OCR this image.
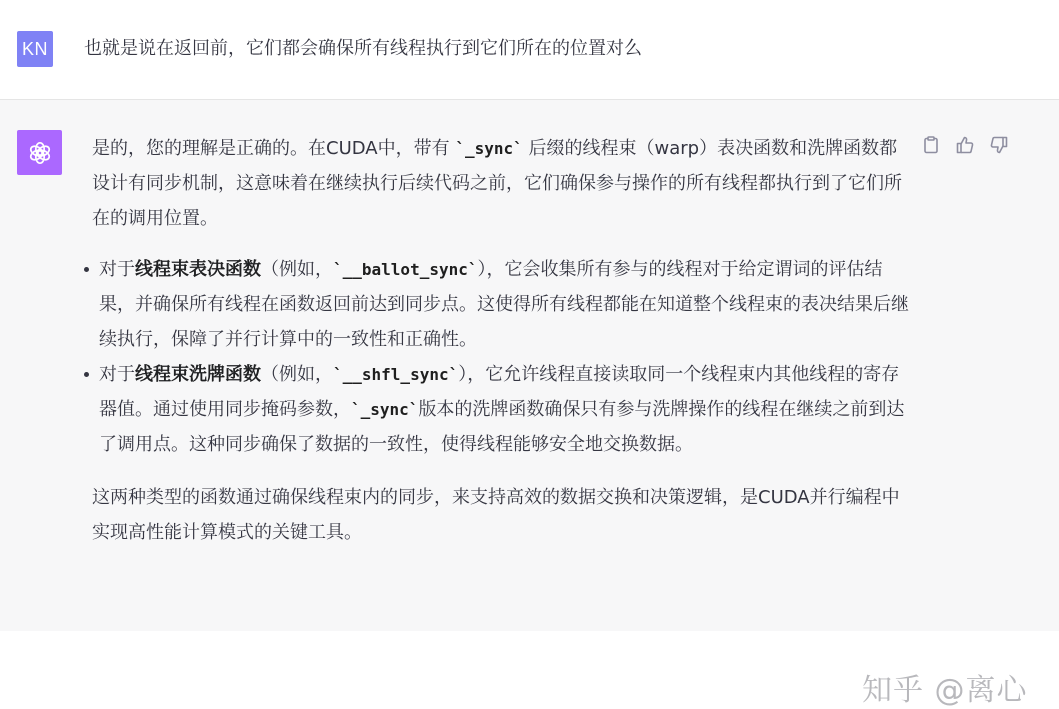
KN 也就是说在返回前，它们都会确保所有线程执行到它们所在的位置对么

是的，您的理解是正确的。在CUDA中，带有 `_sync` 后缀的线程束（warp）表决函数和洗牌函数都设计有同步机制，这意味着在继续执行后续代码之前，它们确保参与操作的所有线程都执行到了它们所在的调用位置。

对于线程束表决函数（例如，`__ballot_sync`），它会收集所有参与的线程对于给定谓词的评估结果，并确保所有线程在函数返回前达到同步点。这使得所有线程都能在知道整个线程束的表决结果后继续执行，保障了并行计算中的一致性和正确性。
对于线程束洗牌函数（例如，`__shfl_sync`），它允许线程直接读取同一个线程束内其他线程的寄存器值。通过使用同步掩码参数，`_sync`版本的洗牌函数确保只有参与洗牌操作的线程在继续之前到达了调用点。这种同步确保了数据的一致性，使得线程能够安全地交换数据。

这两种类型的函数通过确保线程束内的同步，来支持高效的数据交换和决策逻辑，是CUDA并行编程中实现高性能计算模式的关键工具。

知乎 @离心
